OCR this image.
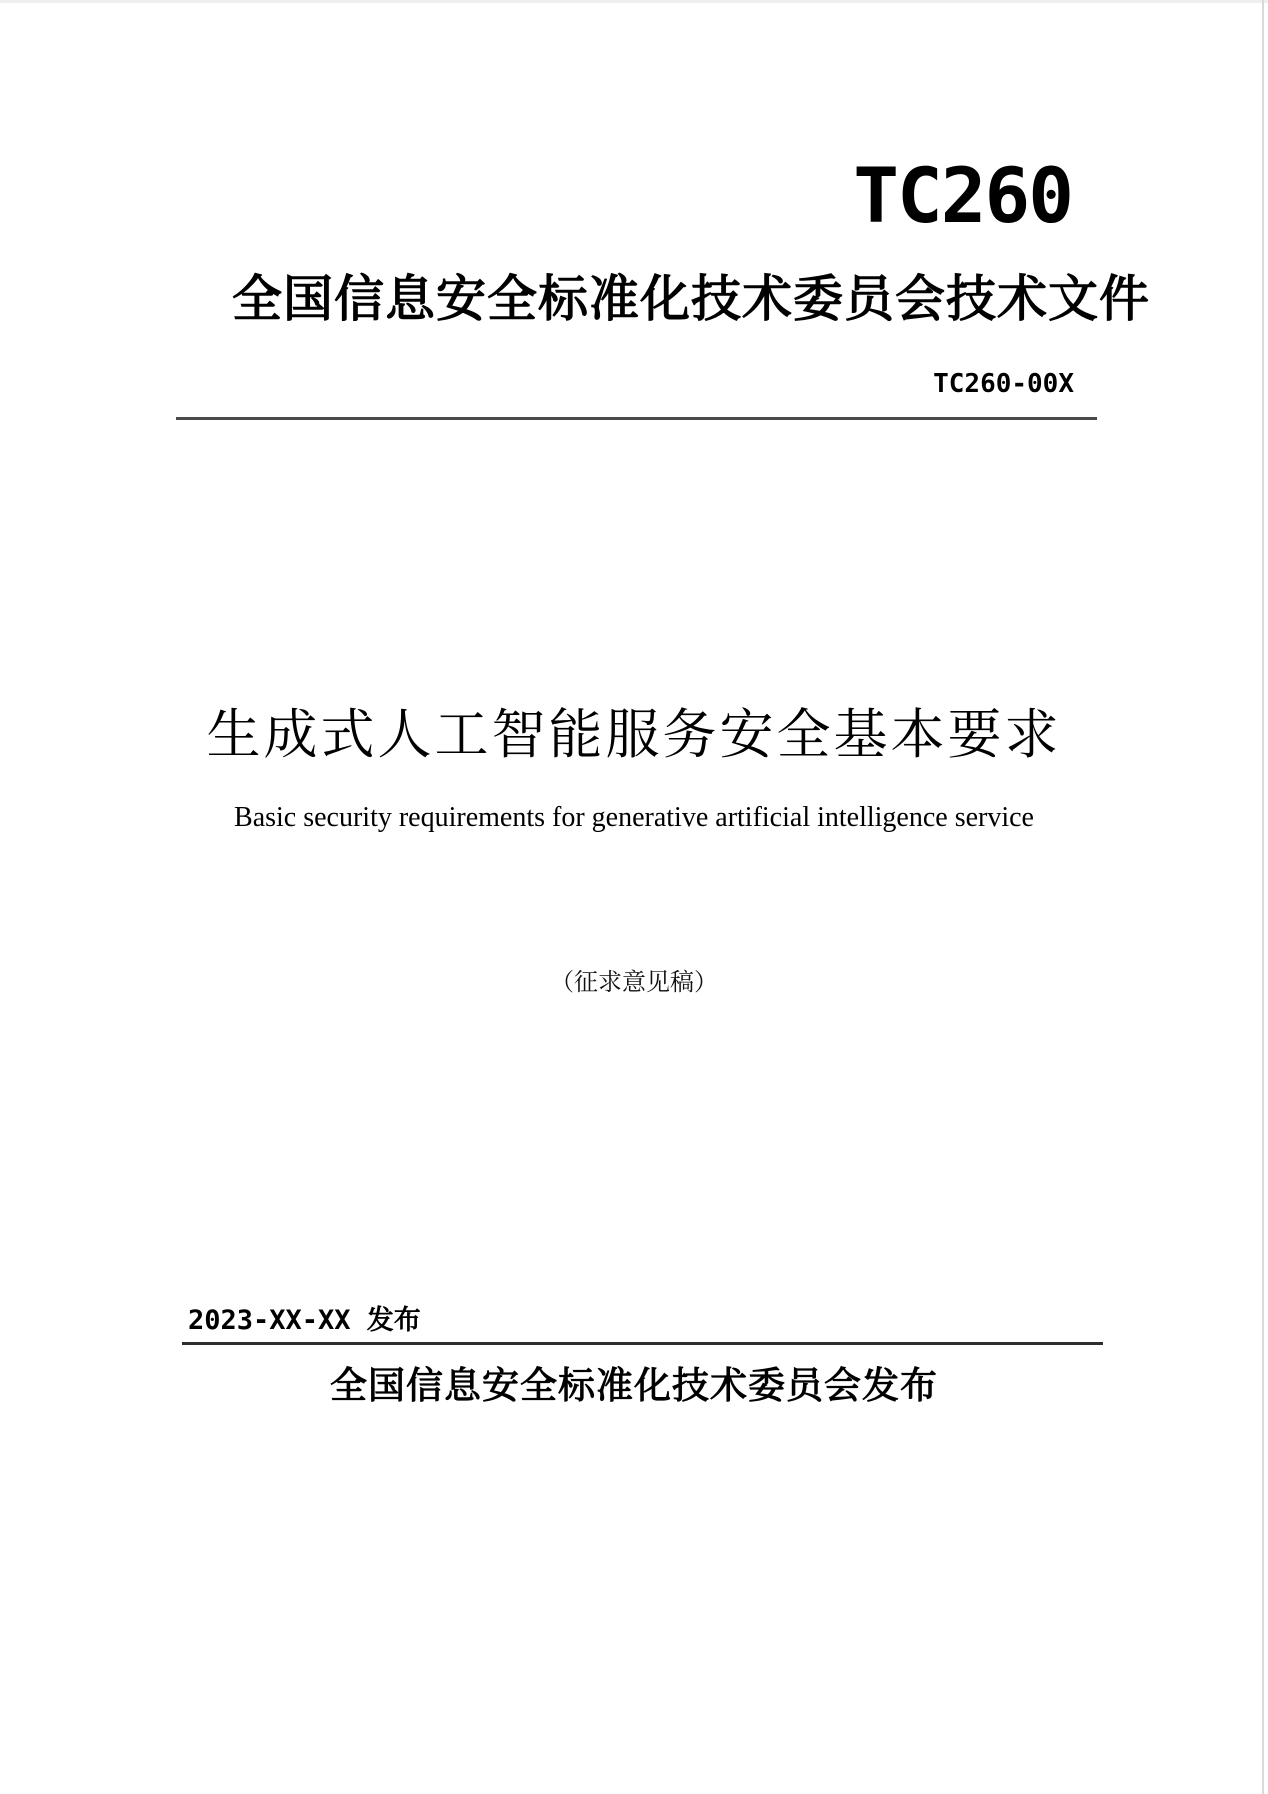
TC260
全国信息安全标准化技术委员会技术文件
TC260-00X
生成式人工智能服务安全基本要求
Basic security requirements for generative artificial intelligence service
（征求意见稿）
2023-XX-XX 发布
全国信息安全标准化技术委员会发布
